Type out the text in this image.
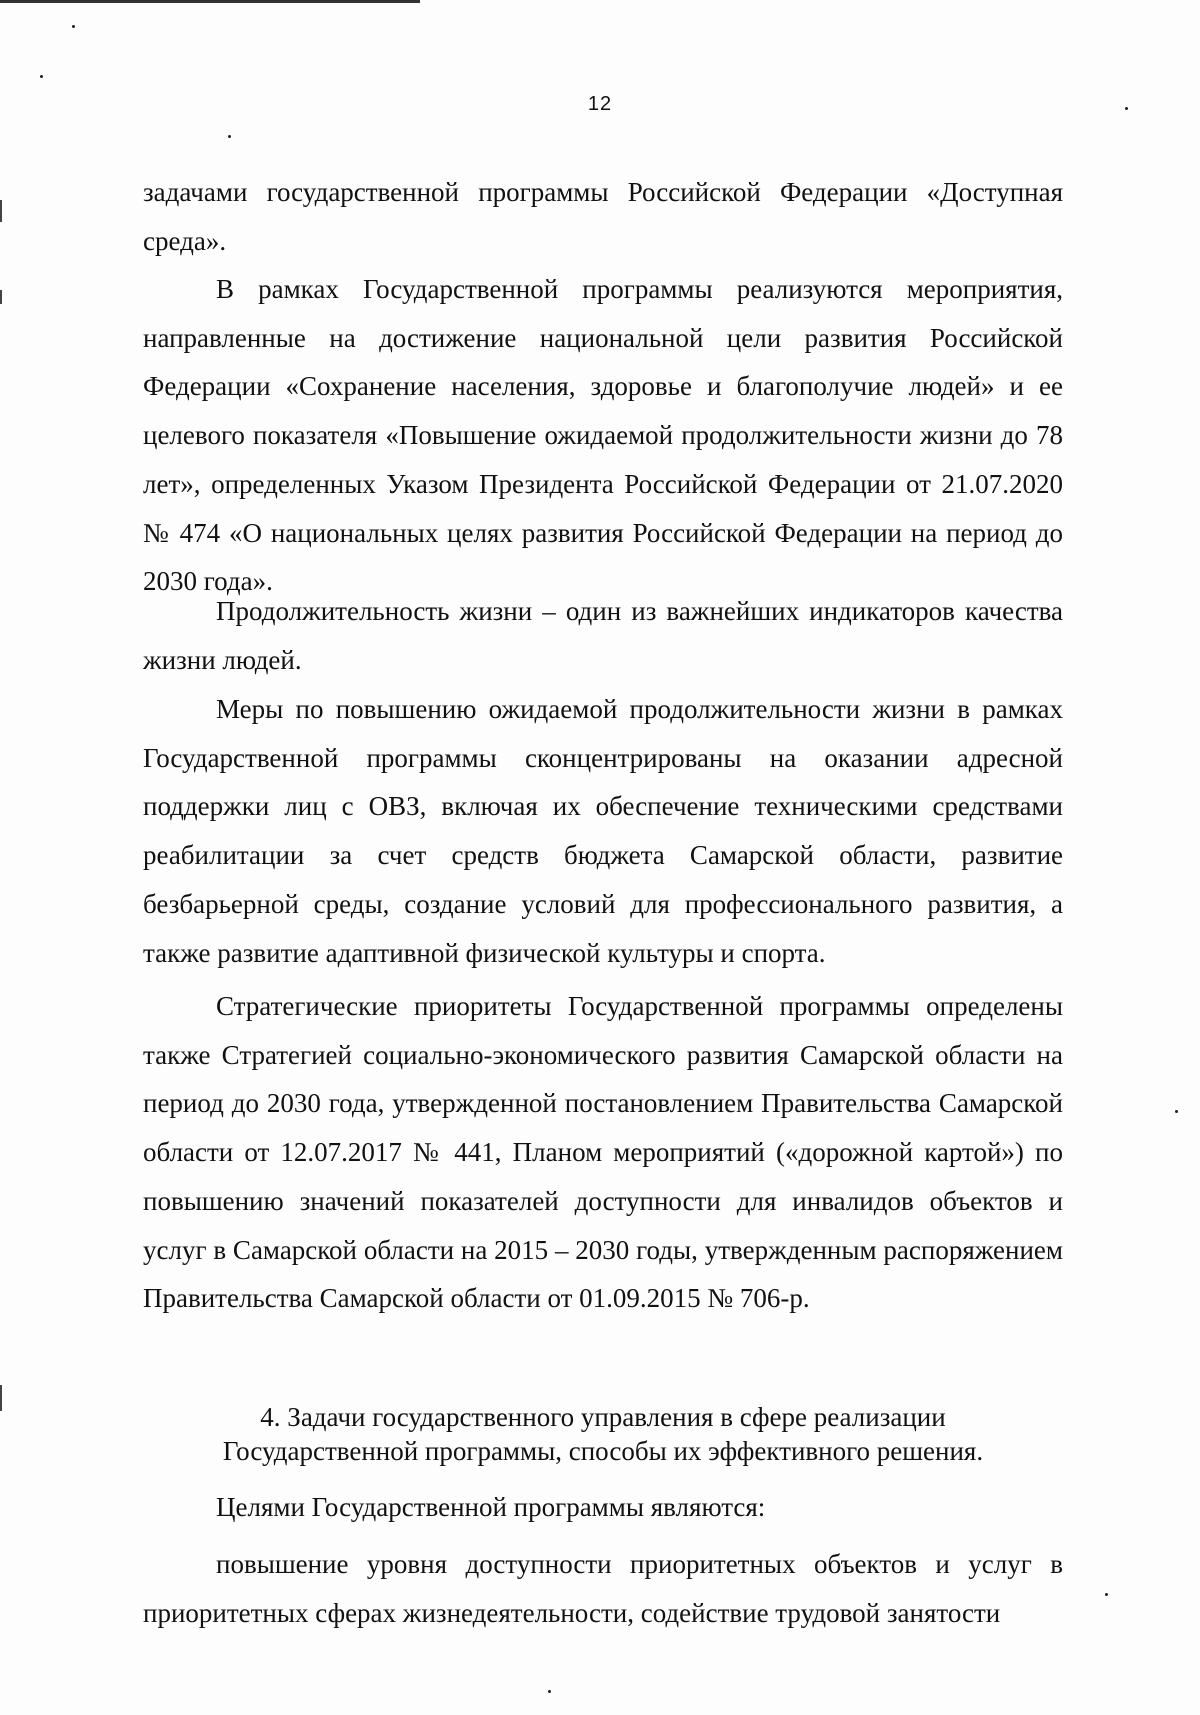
12
задачами государственной программы Российской Федерации «Доступная среда».
В рамках Государственной программы реализуются мероприятия, направленные на достижение национальной цели развития Российской Федерации «Сохранение населения, здоровье и благополучие людей» и ее целевого показателя «Повышение ожидаемой продолжительности жизни до 78 лет», определенных Указом Президента Российской Федерации от 21.07.2020 № 474 «О национальных целях развития Российской Федерации на период до 2030 года».
Продолжительность жизни – один из важнейших индикаторов качества жизни людей.
Меры по повышению ожидаемой продолжительности жизни в рамках Государственной программы сконцентрированы на оказании адресной поддержки лиц с ОВЗ, включая их обеспечение техническими средствами реабилитации за счет средств бюджета Самарской области, развитие безбарьерной среды, создание условий для профессионального развития, а также развитие адаптивной физической культуры и спорта.
Стратегические приоритеты Государственной программы определены также Стратегией социально-экономического развития Самарской области на период до 2030 года, утвержденной постановлением Правительства Самарской области от 12.07.2017 № 441, Планом мероприятий («дорожной картой») по повышению значений показателей доступности для инвалидов объектов и услуг в Самарской области на 2015 – 2030 годы, утвержденным распоряжением Правительства Самарской области от 01.09.2015 № 706-р.
4. Задачи государственного управления в сфере реализации
Государственной программы, способы их эффективного решения.
Целями Государственной программы являются:
повышение уровня доступности приоритетных объектов и услуг в приоритетных сферах жизнедеятельности, содействие трудовой занятости
